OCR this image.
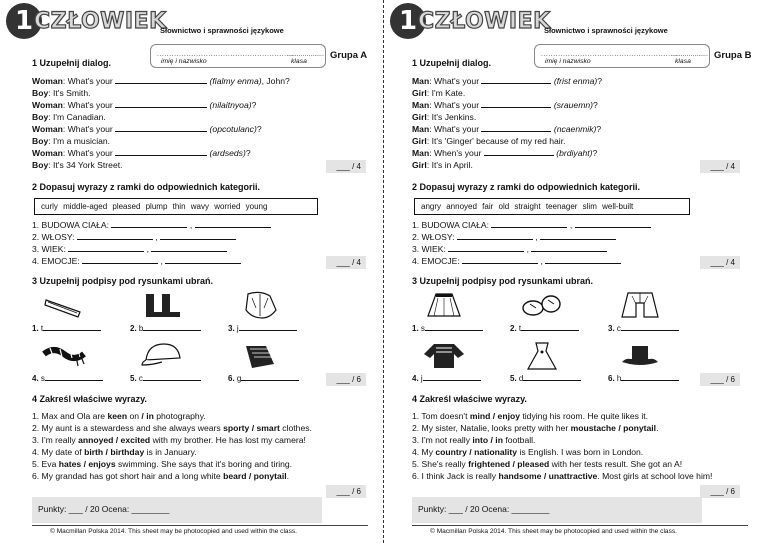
1 CZŁOWIEK
Słownictwo i sprawności językowe
........................................................
imię i nazwisko
...................
klasa
Grupa A
1 Uzupełnij dialog.
Woman: What's your	(fialmy enma), John?
Boy: It's Smith.
Woman: What's your	(nilaitnyoa)?
Boy: I'm Canadian.
Woman: What's your	(opcotulanc)?
Boy: I'm a musician.
Woman: What's your	(ardseds)?
Boy: It's 34 York Street.	___ / 4
2 Dopasuj wyrazy z ramki do odpowiednich kategorii.
curly middle-aged pleased plump thin wavy worried young
1. BUDOWA CIAŁA:	,
2. WŁOSY:	,
3. WIEK:	,
4. EMOCJE:	,	___ / 4
3 Uzupełnij podpisy pod rysunkami ubrań.
1. t	2. b	3. j
4. s	5. c	6. g	___ / 6
4 Zakreśl właściwe wyrazy.
1. Max and Ola are keen on / in photography.
2. My aunt is a stewardess and she always wears sporty / smart clothes.
3. I'm really annoyed / excited with my brother. He has lost my camera!
4. My date of birth / birthday is in January.
5. Eva hates / enjoys swimming. She says that it's boring and tiring.
6. My grandad has got short hair and a long white beard / ponytail.
___ / 6
Punkty: ___ / 20 Ocena: ________
© Macmillan Polska 2014. This sheet may be photocopied and used within the class.
1 CZŁOWIEK
Słownictwo i sprawności językowe
........................................................
imię i nazwisko
...................
klasa
Grupa B
1 Uzupełnij dialog.
Man: What's your	(frist enma)?
Girl: I'm Kate.
Man: What's your	(srauemn)?
Girl: It's Jenkins.
Man: What's your	(ncaenmik)?
Girl: It's 'Ginger' because of my red hair.
Man: When's your	(brdiyaht)?
Girl: It's in April.	___ / 4
2 Dopasuj wyrazy z ramki do odpowiednich kategorii.
angry annoyed fair old straight teenager slim well-built
1. BUDOWA CIAŁA:	,
2. WŁOSY:	,
3. WIEK:	,
4. EMOCJE:	,	___ / 4
3 Uzupełnij podpisy pod rysunkami ubrań.
1. s	2. t	3. c
4. j	5. d	6. h	___ / 6
4 Zakreśl właściwe wyrazy.
1. Tom doesn't mind / enjoy tidying his room. He quite likes it.
2. My sister, Natalie, looks pretty with her moustache / ponytail.
3. I'm not really into / in football.
4. My country / nationality is English. I was born in London.
5. She's really frightened / pleased with her tests result. She got an A!
6. I think Jack is really handsome / unattractive. Most girls at school love him!
___ / 6
Punkty: ___ / 20 Ocena: ________
© Macmillan Polska 2014. This sheet may be photocopied and used within the class.
